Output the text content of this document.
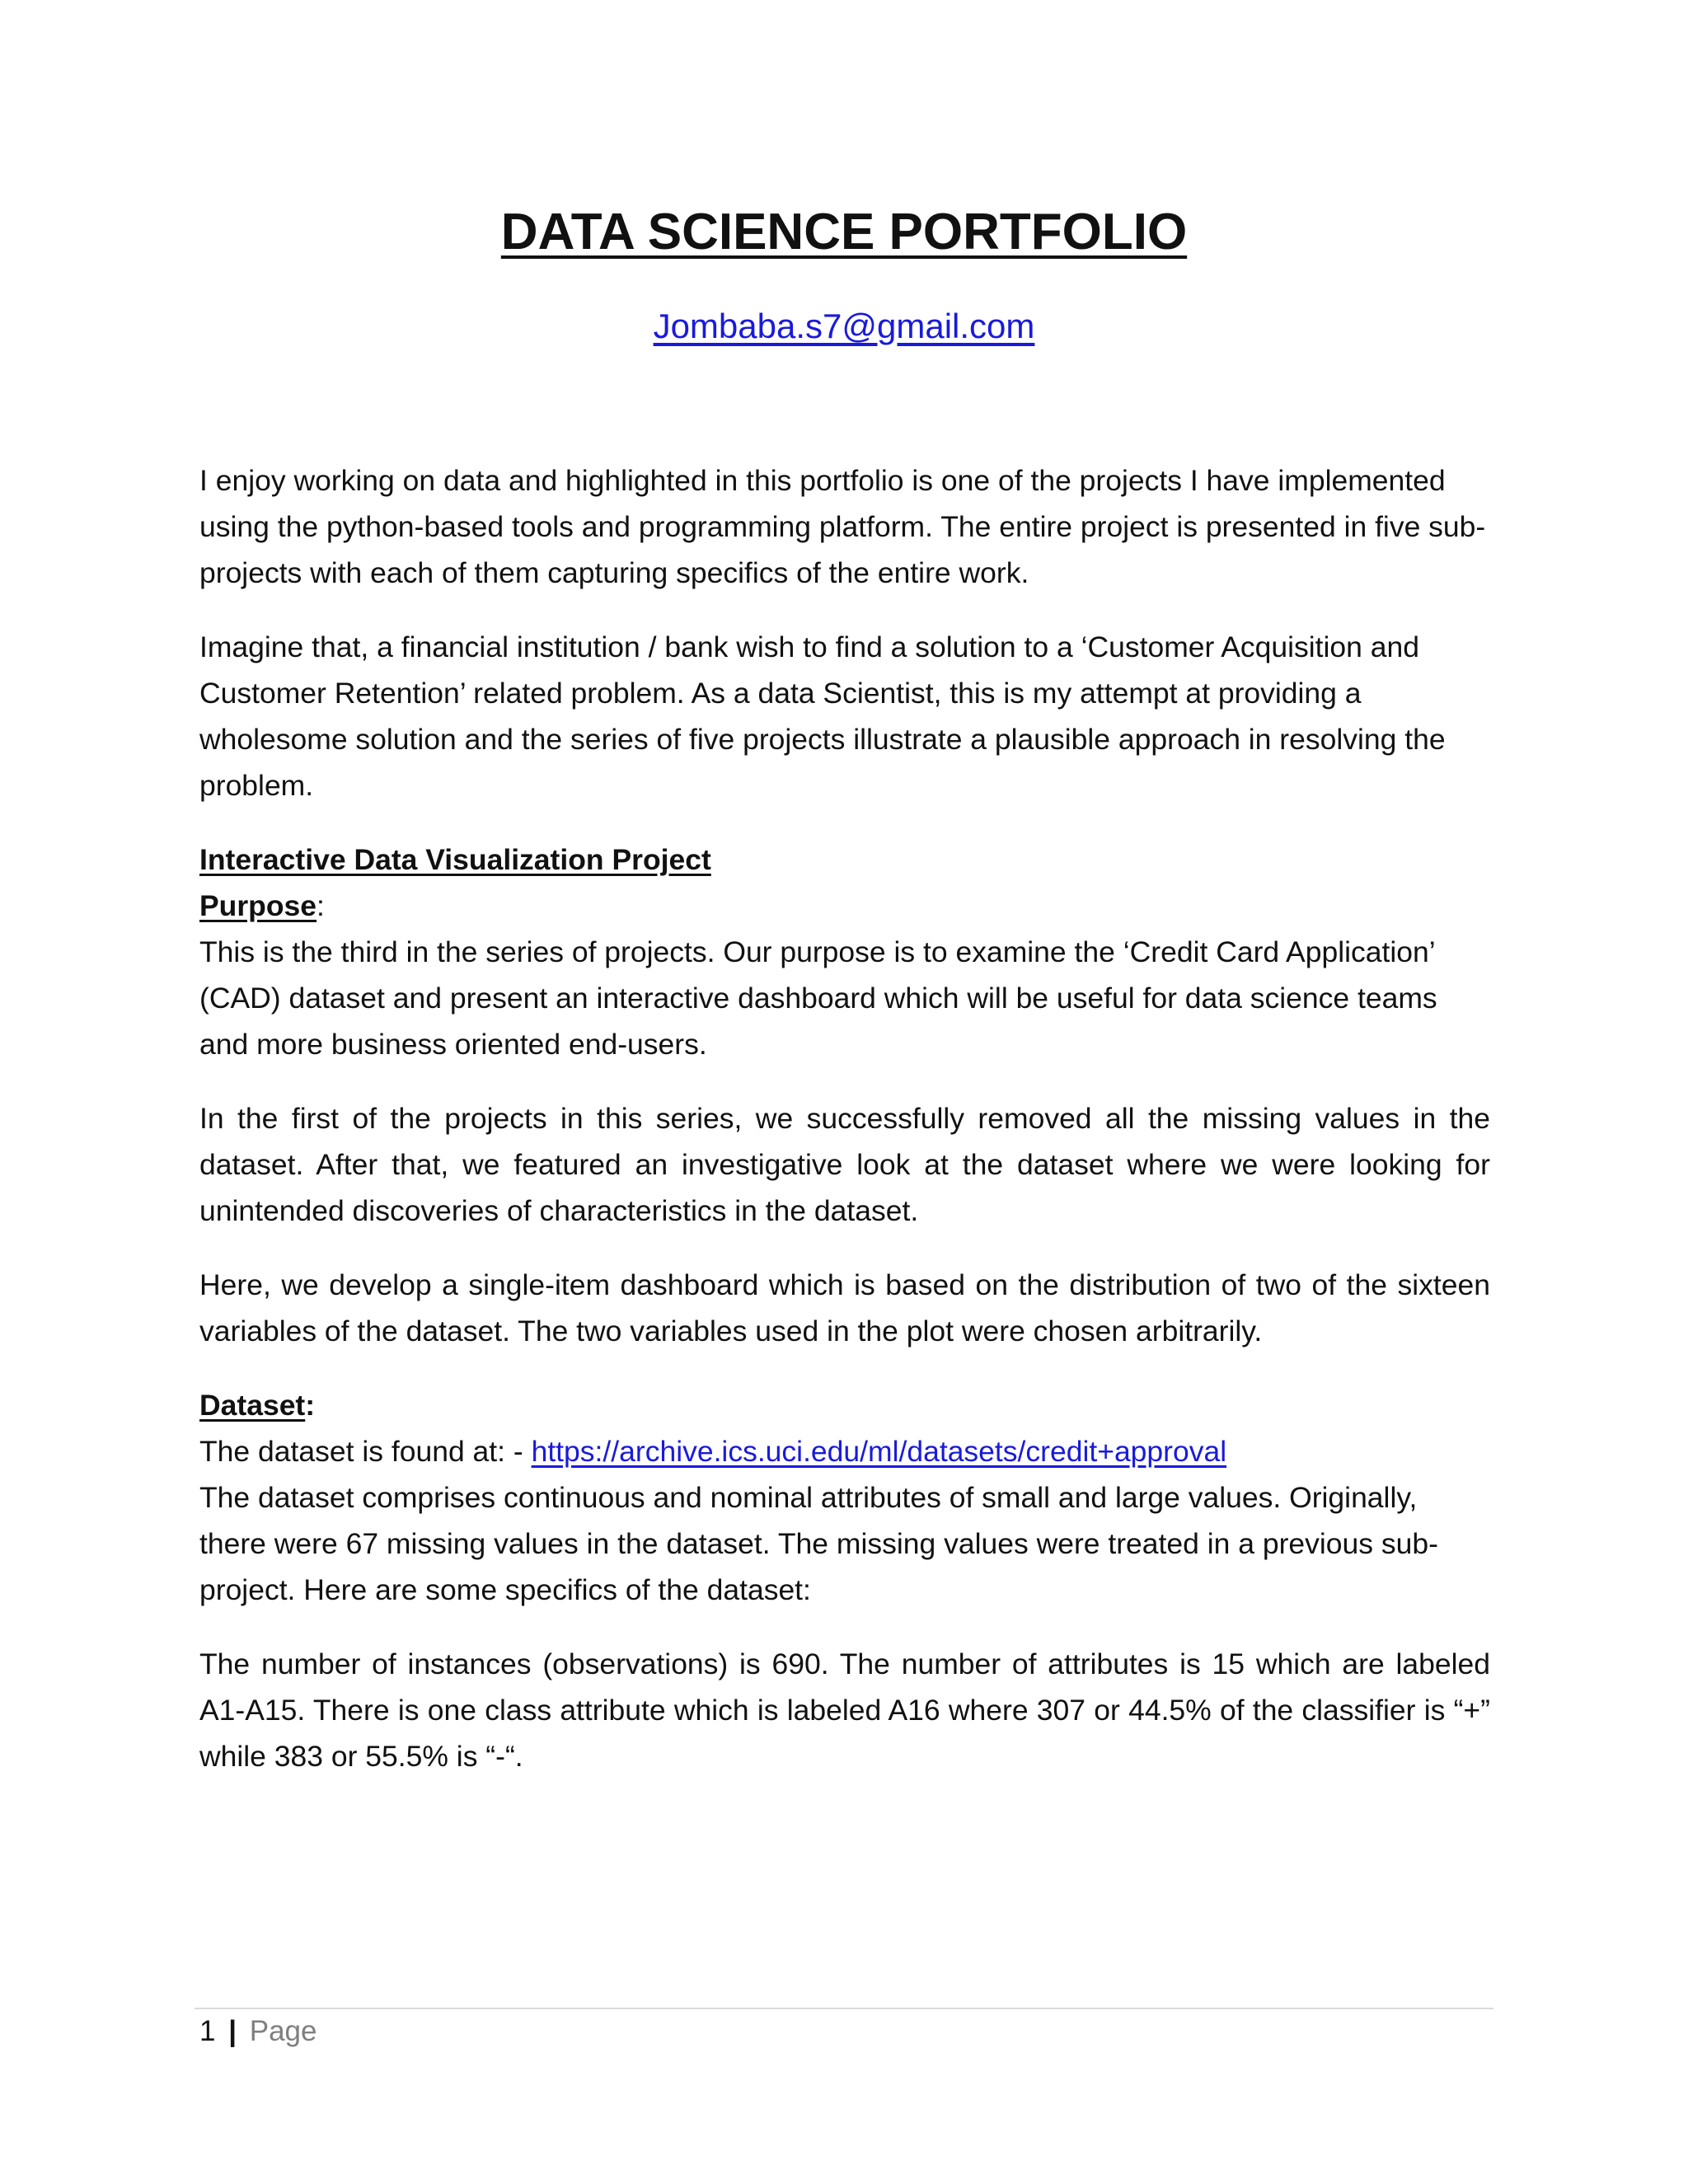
DATA SCIENCE PORTFOLIO
Jombaba.s7@gmail.com

I enjoy working on data and highlighted in this portfolio is one of the projects I have implemented using the python-based tools and programming platform. The entire project is presented in five sub-projects with each of them capturing specifics of the entire work.

Imagine that, a financial institution / bank wish to find a solution to a ‘Customer Acquisition and Customer Retention’ related problem. As a data Scientist, this is my attempt at providing a wholesome solution and the series of five projects illustrate a plausible approach in resolving the problem.

Interactive Data Visualization Project
Purpose:

This is the third in the series of projects. Our purpose is to examine the ‘Credit Card Application’ (CAD) dataset and present an interactive dashboard which will be useful for data science teams and more business oriented end-users.

In the first of the projects in this series, we successfully removed all the missing values in the dataset. After that, we featured an investigative look at the dataset where we were looking for unintended discoveries of characteristics in the dataset.

Here, we develop a single-item dashboard which is based on the distribution of two of the sixteen variables of the dataset. The two variables used in the plot were chosen arbitrarily.

Dataset:
The dataset is found at: - https://archive.ics.uci.edu/ml/datasets/credit+approval

The dataset comprises continuous and nominal attributes of small and large values. Originally, there were 67 missing values in the dataset. The missing values were treated in a previous sub-project. Here are some specifics of the dataset:

The number of instances (observations) is 690. The number of attributes is 15 which are labeled A1-A15. There is one class attribute which is labeled A16 where 307 or 44.5% of the classifier is “+” while 383 or 55.5% is “-“.

1 | Page
